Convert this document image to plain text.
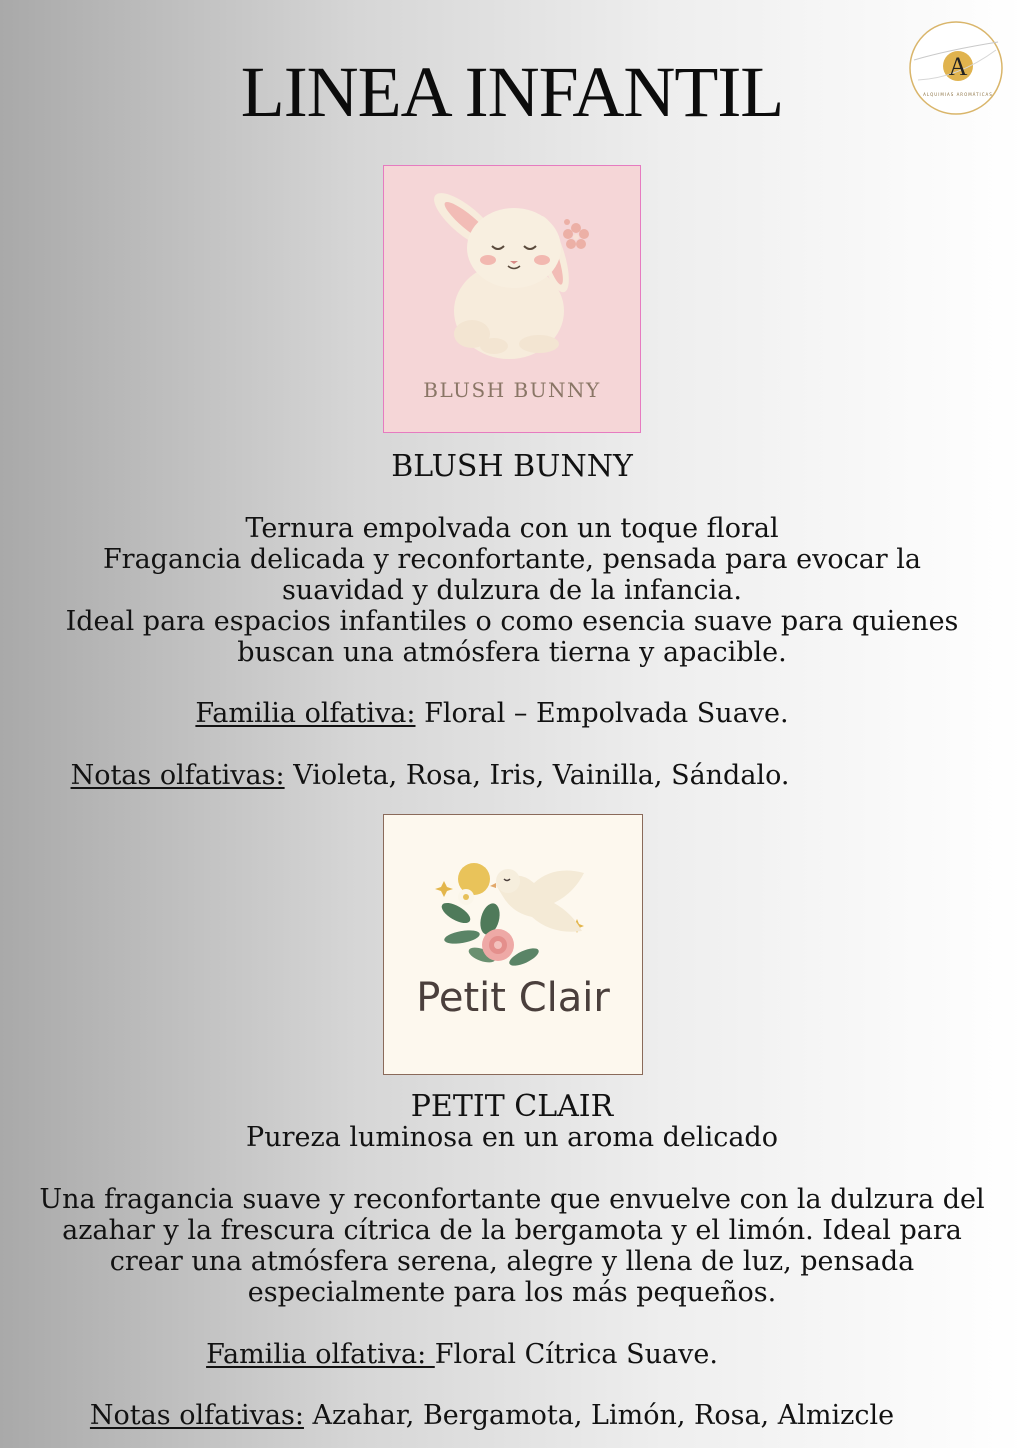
LINEA INFANTIL	A
ALQUIMIAS AROMÁTICAS
BLUSH BUNNY
BLUSH BUNNY
Ternura empolvada con un toque floral
Fragancia delicada y reconfortante, pensada para evocar la
suavidad y dulzura de la infancia.
Ideal para espacios infantiles o como esencia suave para quienes
buscan una atmósfera tierna y apacible.
Familia olfativa: Floral – Empolvada Suave.
Notas olfativas: Violeta, Rosa, Iris, Vainilla, Sándalo.
Petit Clair
PETIT CLAIR
Pureza luminosa en un aroma delicado
Una fragancia suave y reconfortante que envuelve con la dulzura del
azahar y la frescura cítrica de la bergamota y el limón. Ideal para
crear una atmósfera serena, alegre y llena de luz, pensada
especialmente para los más pequeños.
Familia olfativa: Floral Cítrica Suave.
Notas olfativas: Azahar, Bergamota, Limón, Rosa, Almizcle
